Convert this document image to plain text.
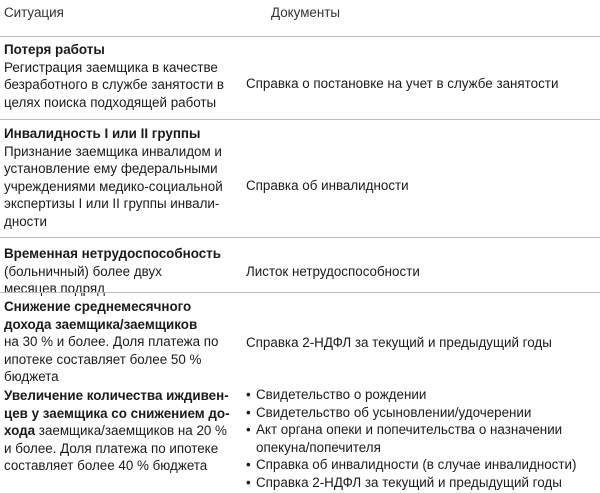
Ситуация	Документы
Потеря работы
Регистрация заемщика в качестве
безработного в службе занятости в
целях поиска подходящей работы
Справка о постановке на учет в службе занятости
Инвалидность I или II группы
Признание заемщика инвалидом и
установление ему федеральными
учреждениями медико-социальной
экспертизы I или II группы инвали-
дности
Справка об инвалидности
Временная нетрудоспособность
(больничный) более двух
месяцев подряд
Листок нетрудоспособности
Снижение среднемесячного
дохода заемщика/заемщиков
на 30 % и более. Доля платежа по
ипотеке составляет более 50 %
бюджета
Справка 2-НДФЛ за текущий и предыдущий годы
Увеличение количества иждивен-
цев у заемщика со снижением до-
хода заемщика/заемщиков на 20 %
и более. Доля платежа по ипотеке
составляет более 40 % бюджета
• Свидетельство о рождении
• Свидетельство об усыновлении/удочерении
• Акт органа опеки и попечительства о назначении
опекуна/попечителя
• Справка об инвалидности (в случае инвалидности)
• Справка 2-НДФЛ за текущий и предыдущий годы
